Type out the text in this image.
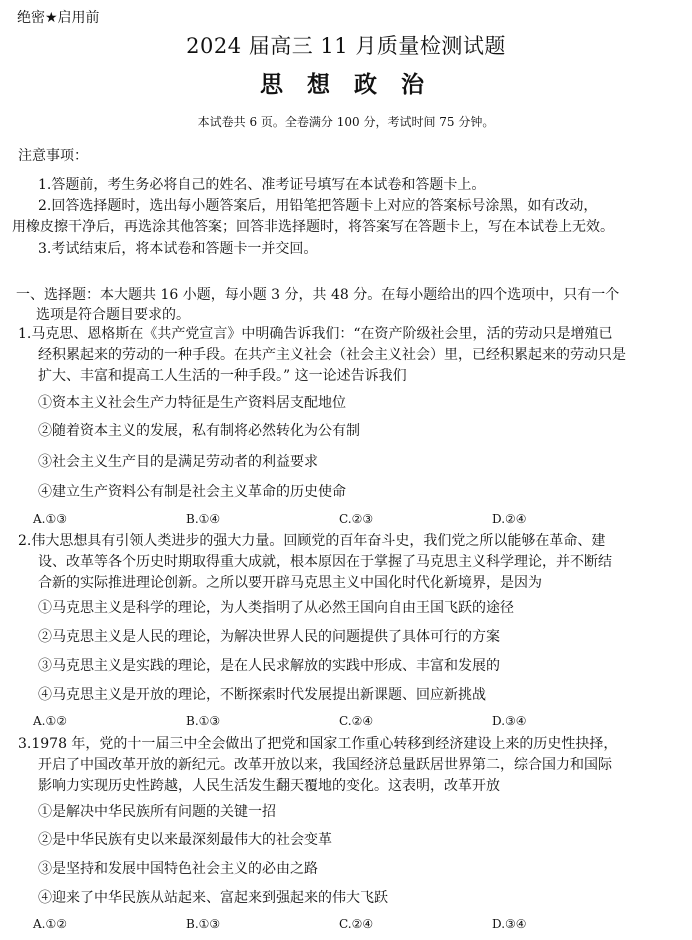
绝密★启用前
2024 届高三 11 月质量检测试题
思 想 政 治
本试卷共 6 页。全卷满分 100 分，考试时间 75 分钟。
注意事项：
1.答题前，考生务必将自己的姓名、准考证号填写在本试卷和答题卡上。
2.回答选择题时，选出每小题答案后，用铅笔把答题卡上对应的答案标号涂黑，如有改动，
用橡皮擦干净后，再选涂其他答案；回答非选择题时，将答案写在答题卡上，写在本试卷上无效。
3.考试结束后，将本试卷和答题卡一并交回。
一、选择题：本大题共 16 小题，每小题 3 分，共 48 分。在每小题给出的四个选项中，只有一个
选项是符合题目要求的。
1.马克思、恩格斯在《共产党宣言》中明确告诉我们：“在资产阶级社会里，活的劳动只是增殖已
经积累起来的劳动的一种手段。在共产主义社会（社会主义社会）里，已经积累起来的劳动只是
扩大、丰富和提高工人生活的一种手段。” 这一论述告诉我们
①资本主义社会生产力特征是生产资料居支配地位
②随着资本主义的发展，私有制将必然转化为公有制
③社会主义生产目的是满足劳动者的利益要求
④建立生产资料公有制是社会主义革命的历史使命
A.①③	B.①④	C.②③	D.②④
2.伟大思想具有引领人类进步的强大力量。回顾党的百年奋斗史，我们党之所以能够在革命、建
设、改革等各个历史时期取得重大成就，根本原因在于掌握了马克思主义科学理论，并不断结
合新的实际推进理论创新。之所以要开辟马克思主义中国化时代化新境界，是因为
①马克思主义是科学的理论，为人类指明了从必然王国向自由王国飞跃的途径
②马克思主义是人民的理论，为解决世界人民的问题提供了具体可行的方案
③马克思主义是实践的理论，是在人民求解放的实践中形成、丰富和发展的
④马克思主义是开放的理论，不断探索时代发展提出新课题、回应新挑战
A.①②	B.①③	C.②④	D.③④
3.1978 年，党的十一届三中全会做出了把党和国家工作重心转移到经济建设上来的历史性抉择，
开启了中国改革开放的新纪元。改革开放以来，我国经济总量跃居世界第二，综合国力和国际
影响力实现历史性跨越，人民生活发生翻天覆地的变化。这表明，改革开放
①是解决中华民族所有问题的关键一招
②是中华民族有史以来最深刻最伟大的社会变革
③是坚持和发展中国特色社会主义的必由之路
④迎来了中华民族从站起来、富起来到强起来的伟大飞跃
A.①②	B.①③	C.②④	D.③④
